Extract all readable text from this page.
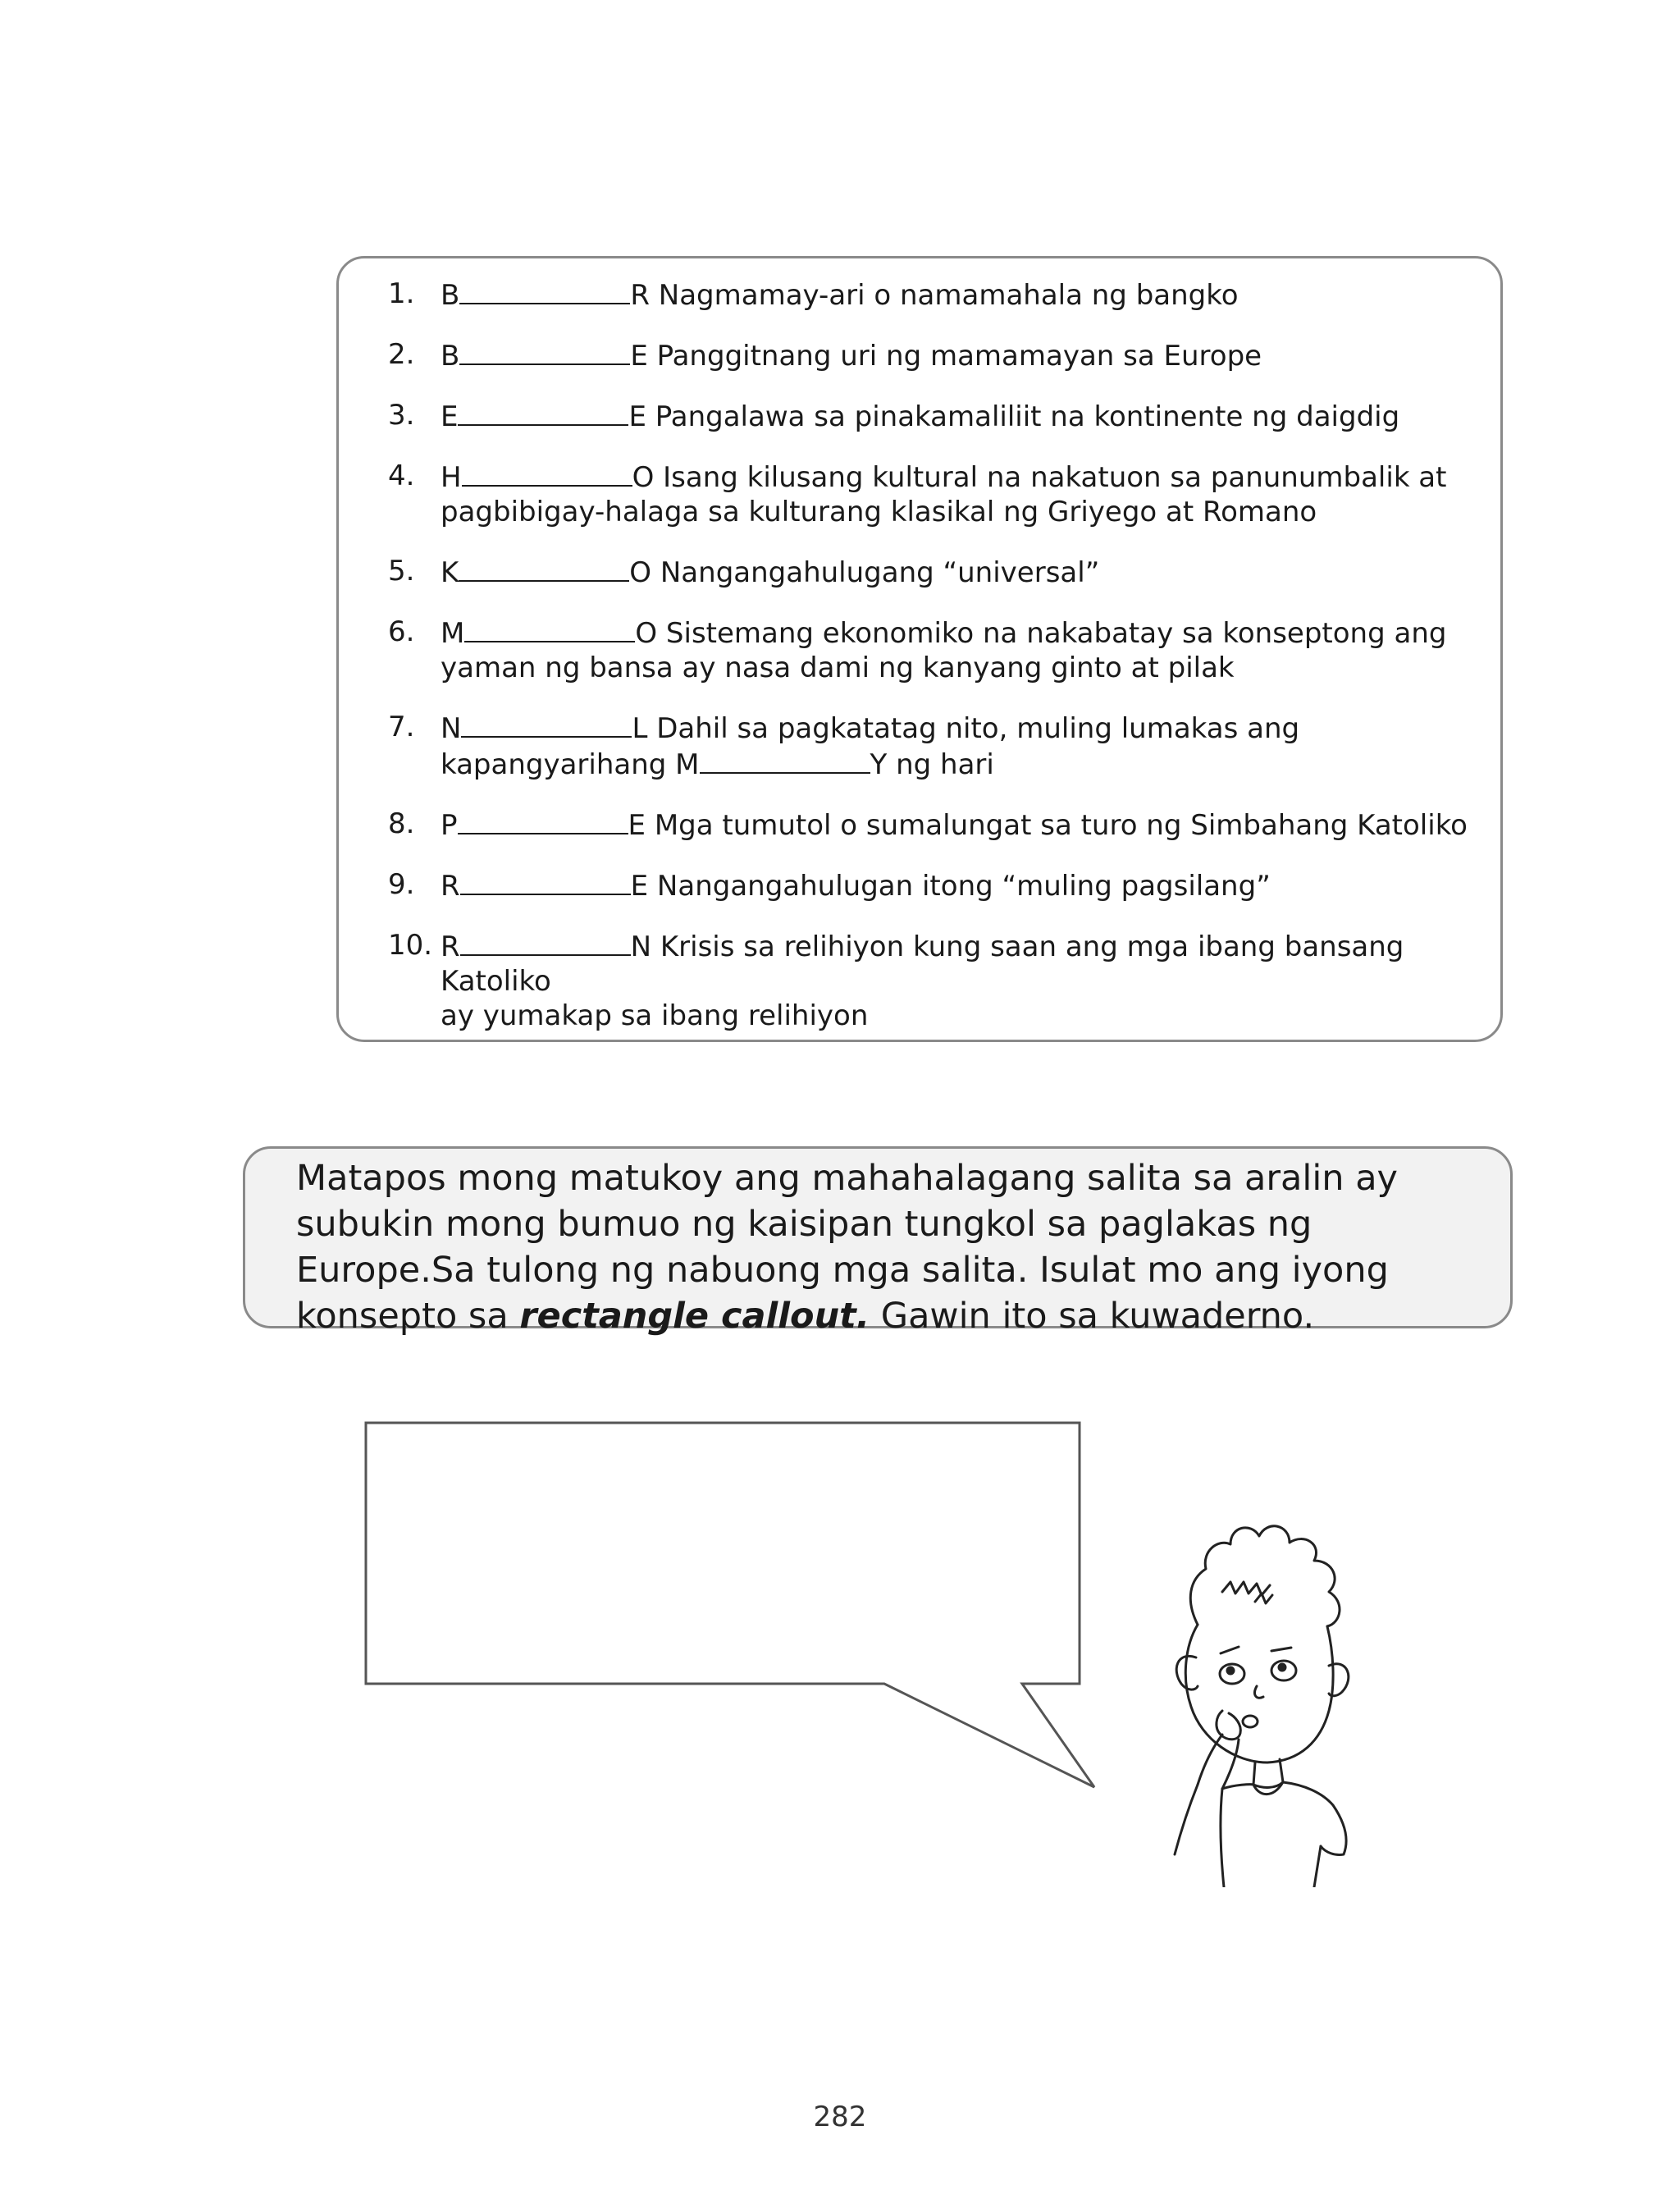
1. B	R Nagmamay-ari o namamahala ng bangko
2. B	E Panggitnang uri ng mamamayan sa Europe
3. E	E Pangalawa sa pinakamaliliit na kontinente ng daigdig
4. H	O Isang kilusang kultural na nakatuon sa panunumbalik at
pagbibigay-halaga sa kulturang klasikal ng Griyego at Romano
5. K	O Nangangahulugang “universal”
6. M	O Sistemang ekonomiko na nakabatay sa konseptong ang
yaman ng bansa ay nasa dami ng kanyang ginto at pilak
7. N	L Dahil sa pagkatatag nito, muling lumakas ang
kapangyarihang M	Y ng hari
8. P	E Mga tumutol o sumalungat sa turo ng Simbahang Katoliko
9. R	E Nangangahulugan itong “muling pagsilang”
10. R	N Krisis sa relihiyon kung saan ang mga ibang bansang Katoliko
ay yumakap sa ibang relihiyon
Matapos mong matukoy ang mahahalagang salita sa aralin ay subukin mong bumuo ng kaisipan tungkol sa paglakas ng Europe.Sa tulong ng nabuong mga salita. Isulat mo ang iyong konsepto sa rectangle callout. Gawin ito sa kuwaderno.
282
